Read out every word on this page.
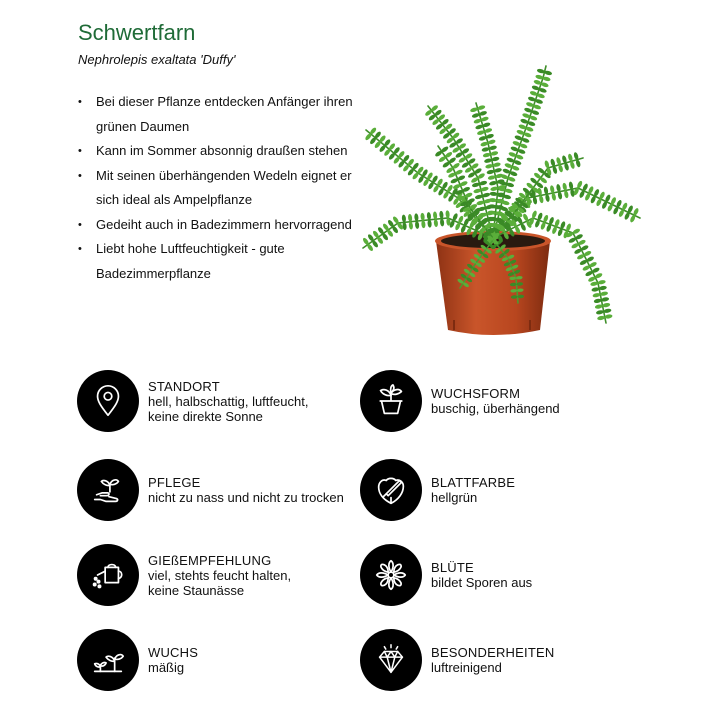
Schwertfarn
Nephrolepis exaltata 'Duffy'
• Bei dieser Pflanze entdecken Anfänger ihren grünen Daumen
• Kann im Sommer absonnig draußen stehen
• Mit seinen überhängenden Wedeln eignet er sich ideal als Ampelpflanze
• Gedeiht auch in Badezimmern hervorragend
• Liebt hohe Luftfeuchtigkeit - gute Badezimmerpflanze
STANDORT
hell, halbschattig, luftfeucht,
keine direkte Sonne
WUCHSFORM
buschig, überhängend
PFLEGE
nicht zu nass und nicht zu trocken
BLATTFARBE
hellgrün
GIEßEMPFEHLUNG
viel, stehts feucht halten,
keine Staunässe
BLÜTE
bildet Sporen aus
WUCHS
mäßig
BESONDERHEITEN
luftreinigend
